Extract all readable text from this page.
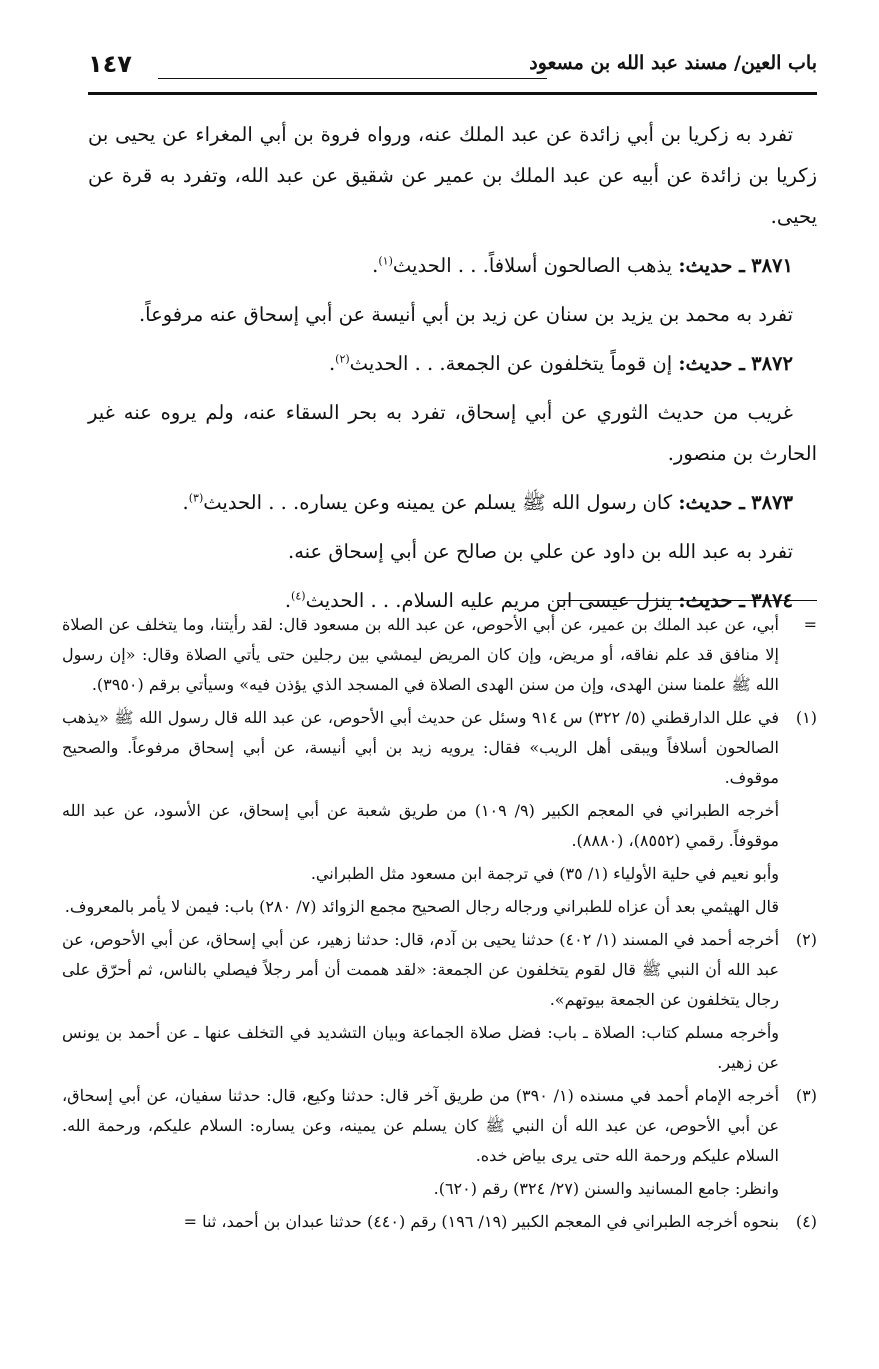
باب العين/ مسند عبد الله بن مسعود
١٤٧

تفرد به زكريا بن أبي زائدة عن عبد الملك عنه، ورواه فروة بن أبي المغراء عن يحيى بن زكريا بن زائدة عن أبيه عن عبد الملك بن عمير عن شقيق عن عبد الله، وتفرد به قرة عن يحيى.

٣٨٧١ ـ حديث: يذهب الصالحون أسلافاً. . . الحديث$^{(١)}$.

تفرد به محمد بن يزيد بن سنان عن زيد بن أبي أنيسة عن أبي إسحاق عنه مرفوعاً.

٣٨٧٢ ـ حديث: إن قوماً يتخلفون عن الجمعة. . . الحديث$^{(٢)}$.

غريب من حديث الثوري عن أبي إسحاق، تفرد به بحر السقاء عنه، ولم يروه عنه غير الحارث بن منصور.

٣٨٧٣ ـ حديث: كان رسول الله ﷺ يسلم عن يمينه وعن يساره. . . الحديث$^{(٣)}$.

تفرد به عبد الله بن داود عن علي بن صالح عن أبي إسحاق عنه.

٣٨٧٤ ـ حديث: ينزل عيسى ابن مريم عليه السلام. . . الحديث$^{(٤)}$.

=
أبي، عن عبد الملك بن عمير، عن أبي الأحوص، عن عبد الله بن مسعود قال: لقد رأيتنا، وما يتخلف عن الصلاة إلا منافق قد علم نفاقه، أو مريض، وإن كان المريض ليمشي بين رجلين حتى يأتي الصلاة وقال: «إن رسول الله ﷺ علمنا سنن الهدى، وإن من سنن الهدى الصلاة في المسجد الذي يؤذن فيه» وسيأتي برقم (٣٩٥٠).
(١)
في علل الدارقطني (٥/ ٣٢٢) س ٩١٤ وسئل عن حديث أبي الأحوص، عن عبد الله قال رسول الله ﷺ «يذهب الصالحون أسلافاً ويبقى أهل الريب» فقال: يرويه زيد بن أبي أنيسة، عن أبي إسحاق مرفوعاً. والصحيح موقوف.
أخرجه الطبراني في المعجم الكبير (٩/ ١٠٩) من طريق شعبة عن أبي إسحاق، عن الأسود، عن عبد الله موقوفاً. رقمي (٨٥٥٢)، (٨٨٨٠).
وأبو نعيم في حلية الأولياء (١/ ٣٥) في ترجمة ابن مسعود مثل الطبراني.
قال الهيثمي بعد أن عزاه للطبراني ورجاله رجال الصحيح مجمع الزوائد (٧/ ٢٨٠) باب: فيمن لا يأمر بالمعروف.
(٢)
أخرجه أحمد في المسند (١/ ٤٠٢) حدثنا يحيى بن آدم، قال: حدثنا زهير، عن أبي إسحاق، عن أبي الأحوص، عن عبد الله أن النبي ﷺ قال لقوم يتخلفون عن الجمعة: «لقد هممت أن أمر رجلاً فيصلي بالناس، ثم أحرّق على رجال يتخلفون عن الجمعة بيوتهم».
وأخرجه مسلم كتاب: الصلاة ـ باب: فضل صلاة الجماعة وبيان التشديد في التخلف عنها ـ عن أحمد بن يونس عن زهير.
(٣)
أخرجه الإمام أحمد في مسنده (١/ ٣٩٠) من طريق آخر قال: حدثنا وكيع، قال: حدثنا سفيان، عن أبي إسحاق، عن أبي الأحوص، عن عبد الله أن النبي ﷺ كان يسلم عن يمينه، وعن يساره: السلام عليكم، ورحمة الله. السلام عليكم ورحمة الله حتى يرى بياض خده.
وانظر: جامع المسانيد والسنن (٢٧/ ٣٢٤) رقم (٦٢٠).
(٤)
بنحوه أخرجه الطبراني في المعجم الكبير (١٩/ ١٩٦) رقم (٤٤٠) حدثنا عبدان بن أحمد، ثنا =
